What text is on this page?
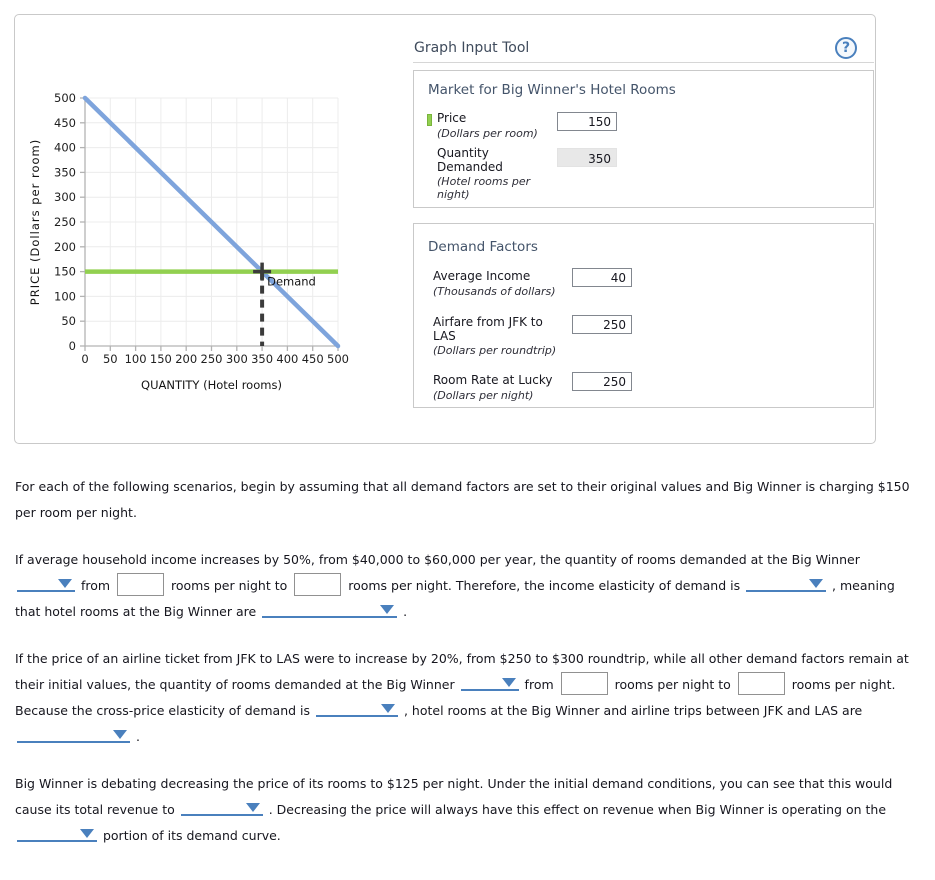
0
0
50
50
100
100
150
150
200
200
250
250
300
300
350
350
400
400
450
450
500
500
Demand
QUANTITY (Hotel rooms)
PRICE (Dollars per room)
Graph Input Tool	?
Market for Big Winner's Hotel Rooms
Price
(Dollars per room)
150
Quantity Demanded
(Hotel rooms per night)
350
Demand Factors
Average Income
(Thousands of dollars)
40
Airfare from JFK to LAS
(Dollars per roundtrip)
250
Room Rate at Lucky
(Dollars per night)
250

For each of the following scenarios, begin by assuming that all demand factors are set to their original values and Big Winner is charging $150 per room per night.

If average household income increases by 50%, from $40,000 to $60,000 per year, the quantity of rooms demanded at the Big Winner
from	rooms per night to	rooms per night. Therefore, the income elasticity of demand is	, meaning that hotel rooms at the Big Winner are	.

If the price of an airline ticket from JFK to LAS were to increase by 20%, from $250 to $300 roundtrip, while all other demand factors remain at their initial values, the quantity of rooms demanded at the Big Winner	from	rooms per night to	rooms per night. Because the cross-price elasticity of demand is	, hotel rooms at the Big Winner and airline trips between JFK and LAS are
.

Big Winner is debating decreasing the price of its rooms to $125 per night. Under the initial demand conditions, you can see that this would cause its total revenue to	. Decreasing the price will always have this effect on revenue when Big Winner is operating on the
portion of its demand curve.
